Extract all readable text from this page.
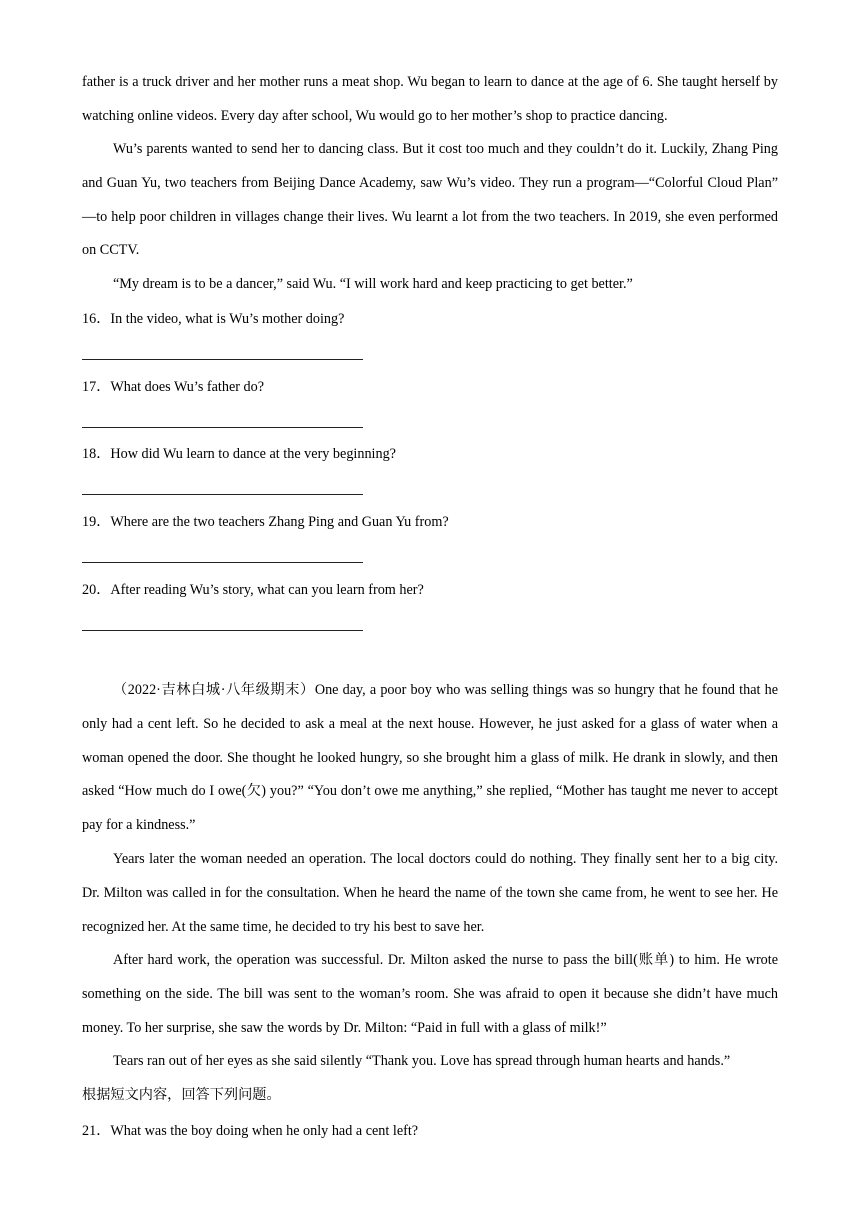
father is a truck driver and her mother runs a meat shop. Wu began to learn to dance at the age of 6. She taught herself by watching online videos. Every day after school, Wu would go to her mother’s shop to practice dancing.

Wu’s parents wanted to send her to dancing class. But it cost too much and they couldn’t do it. Luckily, Zhang Ping and Guan Yu, two teachers from Beijing Dance Academy, saw Wu’s video. They run a program—“Colorful Cloud Plan” —to help poor children in villages change their lives. Wu learnt a lot from the two teachers. In 2019, she even performed on CCTV.

“My dream is to be a dancer,” said Wu. “I will work hard and keep practicing to get better.”

16．In the video, what is Wu’s mother doing?

17．What does Wu’s father do?

18．How did Wu learn to dance at the very beginning?

19．Where are the two teachers Zhang Ping and Guan Yu from?

20．After reading Wu’s story, what can you learn from her?

（2022·吉林白城·八年级期末）One day, a poor boy who was selling things was so hungry that he found that he only had a cent left. So he decided to ask a meal at the next house. However, he just asked for a glass of water when a woman opened the door. She thought he looked hungry, so she brought him a glass of milk. He drank in slowly, and then asked “How much do I owe(欠) you?” “You don’t owe me anything,” she replied, “Mother has taught me never to accept pay for a kindness.”

Years later the woman needed an operation. The local doctors could do nothing. They finally sent her to a big city. Dr. Milton was called in for the consultation. When he heard the name of the town she came from, he went to see her. He recognized her. At the same time, he decided to try his best to save her.

After hard work, the operation was successful. Dr. Milton asked the nurse to pass the bill(账单) to him. He wrote something on the side. The bill was sent to the woman’s room. She was afraid to open it because she didn’t have much money. To her surprise, she saw the words by Dr. Milton: “Paid in full with a glass of milk!”

Tears ran out of her eyes as she said silently “Thank you. Love has spread through human hearts and hands.”

根据短文内容，回答下列问题。

21．What was the boy doing when he only had a cent left?
